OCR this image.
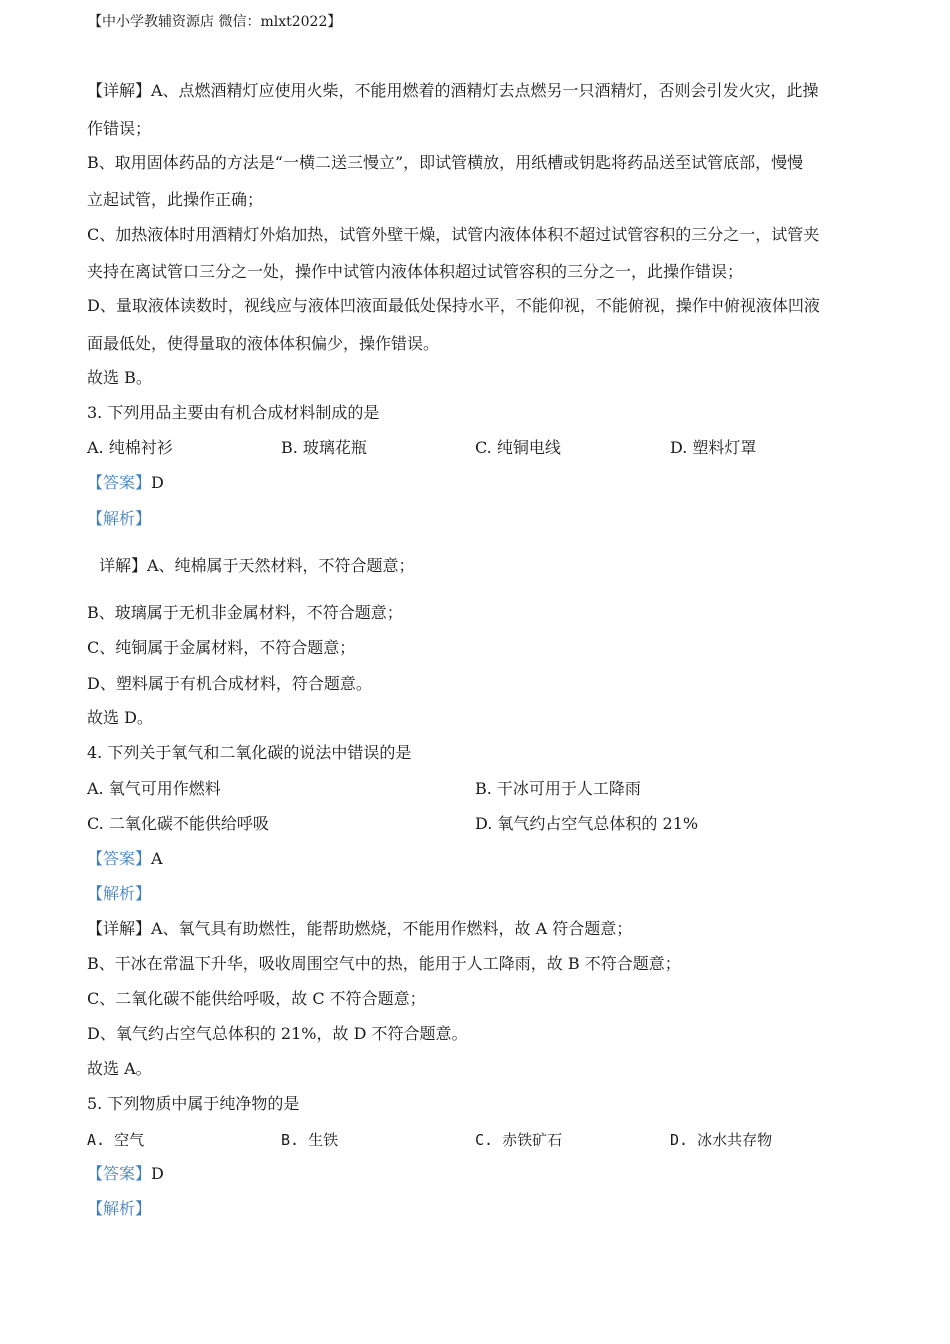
【中小学教辅资源店 微信：mlxt2022】
【详解】A、点燃酒精灯应使用火柴，不能用燃着的酒精灯去点燃另一只酒精灯，否则会引发火灾，此操
作错误；
B、取用固体药品的方法是“一横二送三慢立”，即试管横放，用纸槽或钥匙将药品送至试管底部，慢慢
立起试管，此操作正确；
C、加热液体时用酒精灯外焰加热，试管外壁干燥，试管内液体体积不超过试管容积的三分之一，试管夹
夹持在离试管口三分之一处，操作中试管内液体体积超过试管容积的三分之一，此操作错误；
D、量取液体读数时，视线应与液体凹液面最低处保持水平，不能仰视，不能俯视，操作中俯视液体凹液
面最低处，使得量取的液体体积偏少，操作错误。
故选 B。
3. 下列用品主要由有机合成材料制成的是
A. 纯棉衬衫	B. 玻璃花瓶	C. 纯铜电线	D. 塑料灯罩
【答案】D
【解析】
详解】A、纯棉属于天然材料，不符合题意；
B、玻璃属于无机非金属材料，不符合题意；
C、纯铜属于金属材料，不符合题意；
D、塑料属于有机合成材料，符合题意。
故选 D。
4. 下列关于氧气和二氧化碳的说法中错误的是
A. 氧气可用作燃料	B. 干冰可用于人工降雨
C. 二氧化碳不能供给呼吸	D. 氧气约占空气总体积的 21%
【答案】A
【解析】
【详解】A、氧气具有助燃性，能帮助燃烧，不能用作燃料，故 A 符合题意；
B、干冰在常温下升华，吸收周围空气中的热，能用于人工降雨，故 B 不符合题意；
C、二氧化碳不能供给呼吸，故 C 不符合题意；
D、氧气约占空气总体积的 21%，故 D 不符合题意。
故选 A。
5. 下列物质中属于纯净物的是
A. 空气	B. 生铁	C. 赤铁矿石	D. 冰水共存物
【答案】D
【解析】
